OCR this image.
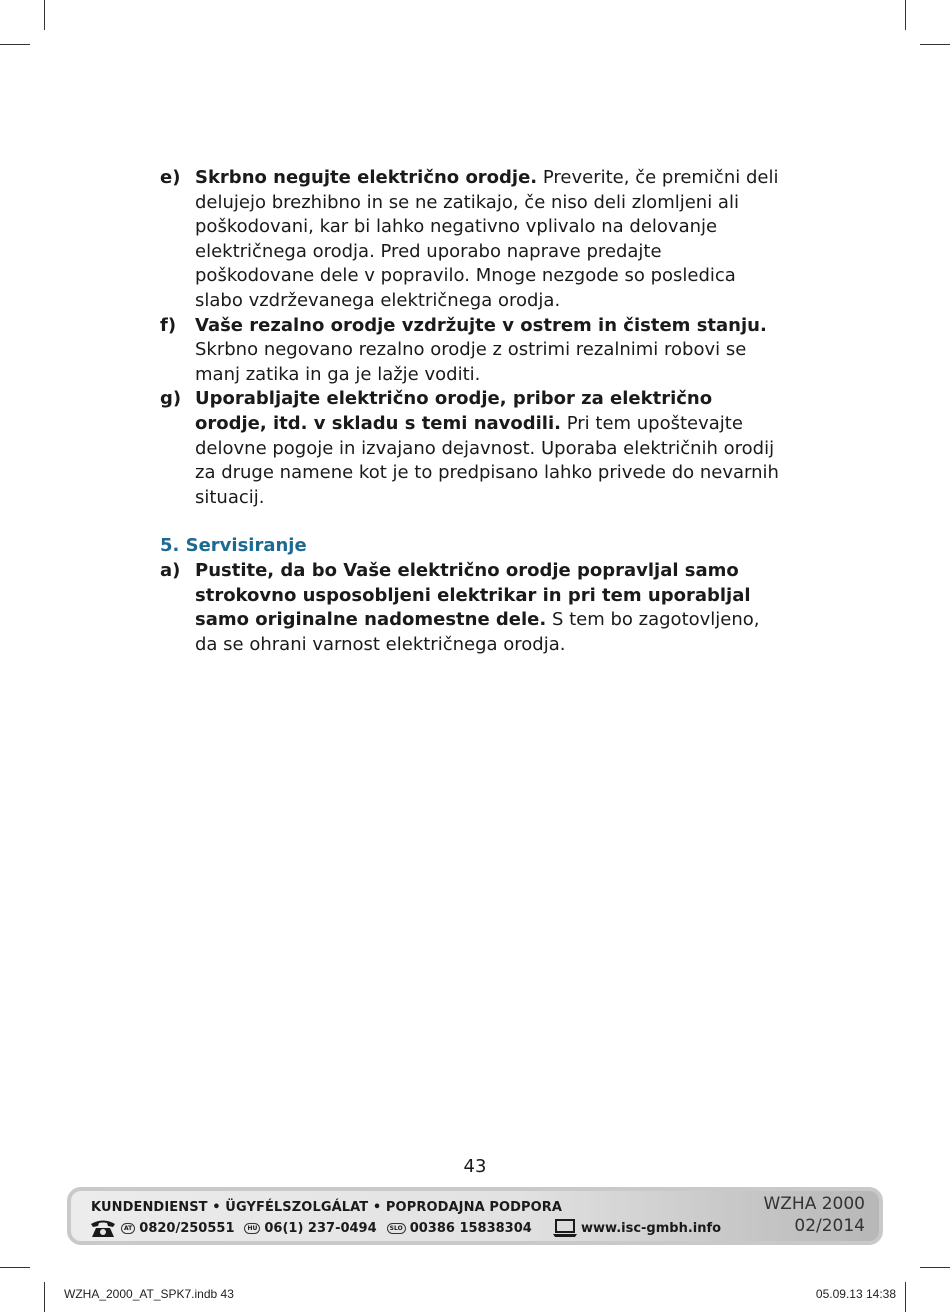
e) Skrbno negujte električno orodje. Preverite, če premični deli delujejo brezhibno in se ne zatikajo, če niso deli zlomljeni ali poškodovani, kar bi lahko negativno vplivalo na delovanje električnega orodja. Pred uporabo naprave predajte poškodovane dele v popravilo. Mnoge nezgode so posledica slabo vzdrževanega električnega orodja.
f)	Vaše rezalno orodje vzdržujte v ostrem in čistem stanju. Skrbno negovano rezalno orodje z ostrimi rezalnimi robovi se manj zatika in ga je lažje voditi.
g) Uporabljajte električno orodje, pribor za električno orodje, itd. v skladu s temi navodili. Pri tem upoštevajte delovne pogoje in izvajano dejavnost. Uporaba električnih orodij za druge namene kot je to predpisano lahko privede do nevarnih situacij.
5. Servisiranje
a) Pustite, da bo Vaše električno orodje popravljal samo strokovno usposobljeni elektrikar in pri tem uporabljal samo originalne nadomestne dele. S tem bo zagotovljeno, da se ohrani varnost električnega orodja.
43
KUNDENDIENST • ÜGYFÉLSZOLGÁLAT • POPRODAJNA PODPORA
AT 0820/250551	HU 06(1) 237-0494	SLO 00386 15838304	www.isc-gmbh.info
WZHA 2000
02/2014
WZHA_2000_AT_SPK7.indb 43	05.09.13 14:38
